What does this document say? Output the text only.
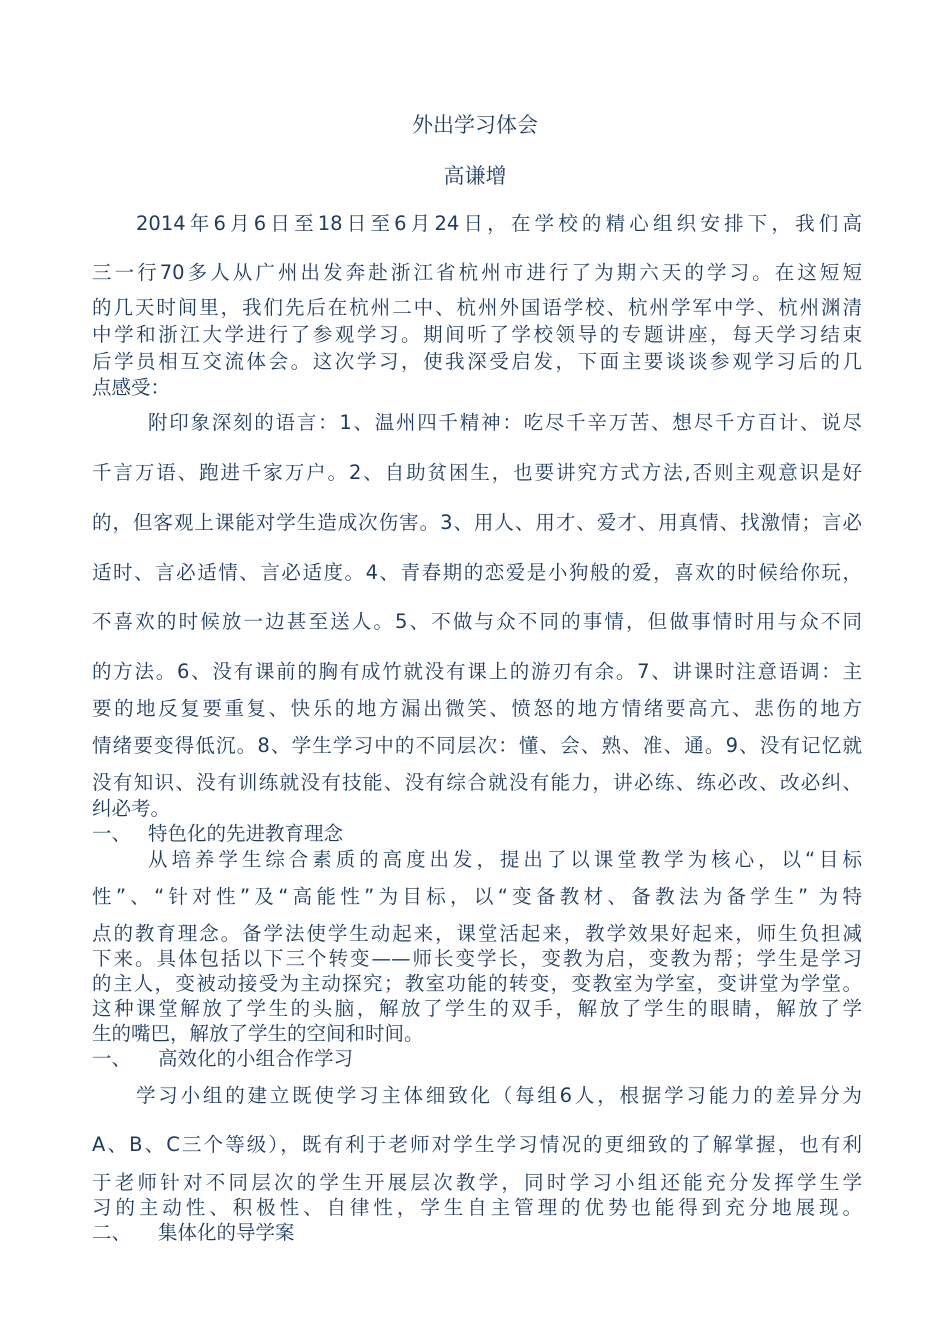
外出学习体会
高谦增
2014年6月6日至18日至6月24日，在学校的精心组织安排下，我们高
三一行70多人从广州出发奔赴浙江省杭州市进行了为期六天的学习。在这短短
的几天时间里，我们先后在杭州二中、杭州外国语学校、杭州学军中学、杭州渊清
中学和浙江大学进行了参观学习。期间听了学校领导的专题讲座，每天学习结束
后学员相互交流体会。这次学习，使我深受启发，下面主要谈谈参观学习后的几
点感受：
附印象深刻的语言：1、温州四千精神：吃尽千辛万苦、想尽千方百计、说尽
千言万语、跑进千家万户。2、自助贫困生，也要讲究方式方法,否则主观意识是好
的，但客观上课能对学生造成次伤害。3、用人、用才、爱才、用真情、找激情；言必
适时、言必适情、言必适度。4、青春期的恋爱是小狗般的爱，喜欢的时候给你玩，
不喜欢的时候放一边甚至送人。5、不做与众不同的事情，但做事情时用与众不同
的方法。6、没有课前的胸有成竹就没有课上的游刃有余。7、讲课时注意语调：主
要的地反复要重复、快乐的地方漏出微笑、愤怒的地方情绪要高亢、悲伤的地方
情绪要变得低沉。8、学生学习中的不同层次：懂、会、熟、准、通。9、没有记忆就
没有知识、没有训练就没有技能、没有综合就没有能力，讲必练、练必改、改必纠、
纠必考。
一、 特色化的先进教育理念
从培养学生综合素质的高度出发，提出了以课堂教学为核心，以“目标
性”、“针对性”及“高能性”为目标，以“变备教材、备教法为备学生” 为特
点的教育理念。备学法使学生动起来，课堂活起来，教学效果好起来，师生负担减
下来。具体包括以下三个转变——师长变学长，变教为启，变教为帮；学生是学习
的主人，变被动接受为主动探究；教室功能的转变，变教室为学室，变讲堂为学堂。
这种课堂解放了学生的头脑，解放了学生的双手，解放了学生的眼睛，解放了学
生的嘴巴，解放了学生的空间和时间。
一、 高效化的小组合作学习
学习小组的建立既使学习主体细致化（每组6人，根据学习能力的差异分为
A、B、C三个等级），既有利于老师对学生学习情况的更细致的了解掌握，也有利
于老师针对不同层次的学生开展层次教学，同时学习小组还能充分发挥学生学
习的主动性、积极性、自律性，学生自主管理的优势也能得到充分地展现。
二、 集体化的导学案
